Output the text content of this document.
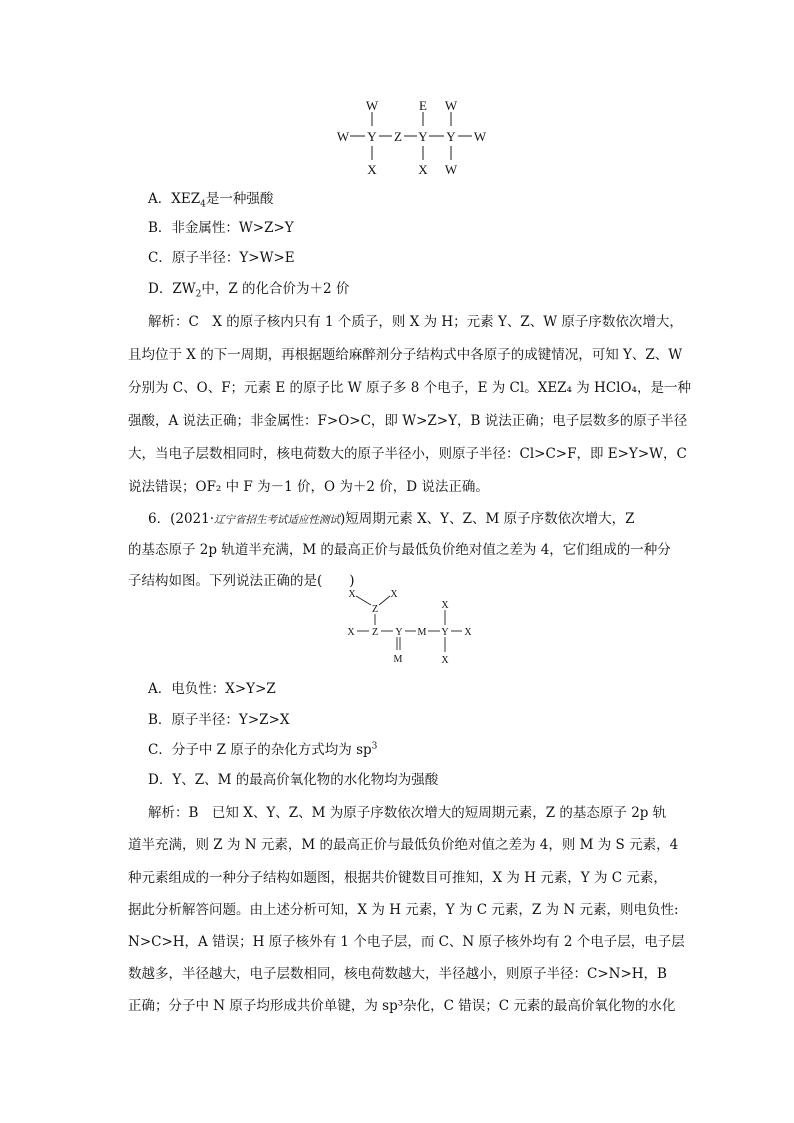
W	E W
W Y Z Y Y W
X	X W
A．$XEZ_4$是一种强酸
B．非金属性：W>Z>Y
C．原子半径：Y>W>E
D．$ZW_2$中，Z 的化合价为＋2 价
解析：C　X 的原子核内只有 1 个质子，则 X 为 H；元素 Y、Z、W 原子序数依次增大，
且均位于 X 的下一周期，再根据题给麻醉剂分子结构式中各原子的成键情况，可知 Y、Z、W
分别为 C、O、F；元素 E 的原子比 W 原子多 8 个电子，E 为 Cl。XEZ₄ 为 HClO₄，是一种
强酸，A 说法正确；非金属性：F>O>C，即 W>Z>Y，B 说法正确；电子层数多的原子半径
大，当电子层数相同时，核电荷数大的原子半径小，则原子半径：Cl>C>F，即 E>Y>W，C
说法错误；OF₂ 中 F 为－1 价，O 为＋2 价，D 说法正确。
6．(2021·辽宁省招生考试适应性测试)短周期元素 X、Y、Z、M 原子序数依次增大，Z
的基态原子 2p 轨道半充满，M 的最高正价与最低负价绝对值之差为 4，它们组成的一种分
子结构如图。下列说法正确的是(　　)
X
Z
X
X Z Y M Y X
X
M	X
A．电负性：X>Y>Z
B．原子半径：Y>Z>X
C．分子中 Z 原子的杂化方式均为 $sp^3$
D．Y、Z、M 的最高价氧化物的水化物均为强酸
解析：B　已知 X、Y、Z、M 为原子序数依次增大的短周期元素，Z 的基态原子 2p 轨
道半充满，则 Z 为 N 元素，M 的最高正价与最低负价绝对值之差为 4，则 M 为 S 元素，4
种元素组成的一种分子结构如题图，根据共价键数目可推知，X 为 H 元素，Y 为 C 元素，
据此分析解答问题。由上述分析可知，X 为 H 元素，Y 为 C 元素，Z 为 N 元素，则电负性:
N>C>H，A 错误；H 原子核外有 1 个电子层，而 C、N 原子核外均有 2 个电子层，电子层
数越多，半径越大，电子层数相同，核电荷数越大，半径越小，则原子半径：C>N>H，B
正确；分子中 N 原子均形成共价单键，为 sp³杂化，C 错误；C 元素的最高价氧化物的水化
